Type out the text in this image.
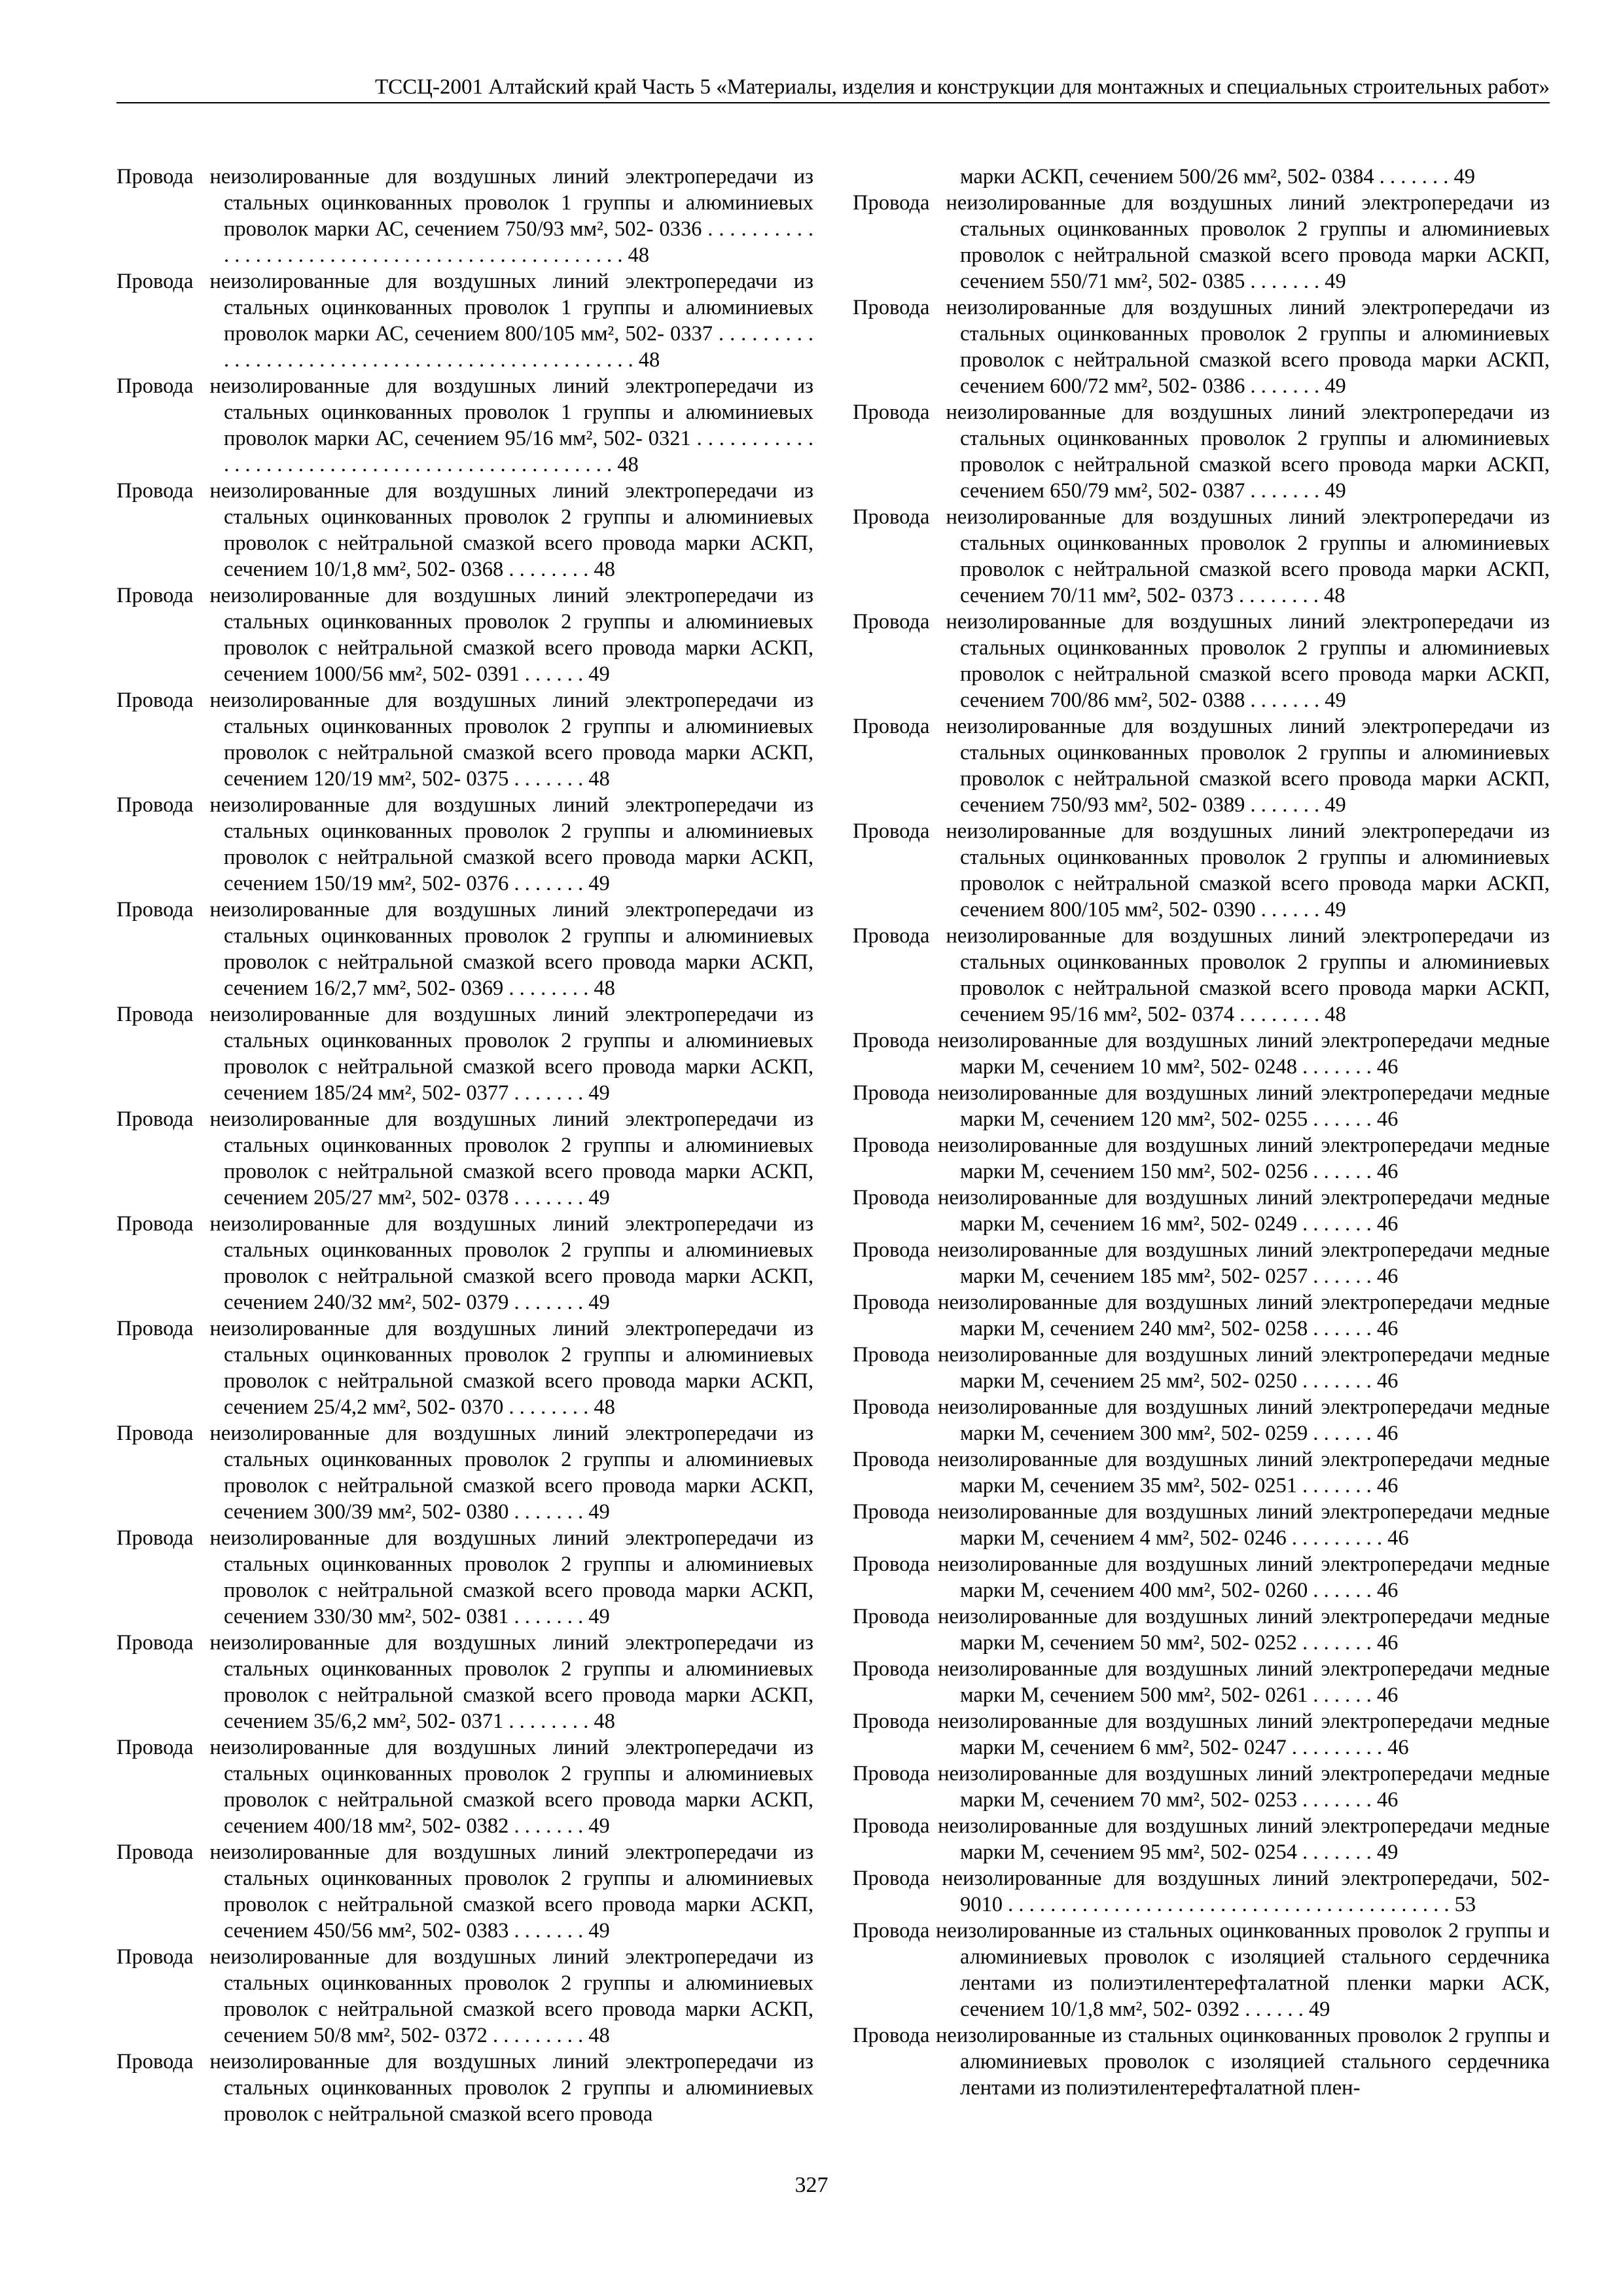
ТССЦ-2001 Алтайский край Часть 5 «Материалы, изделия и конструкции для монтажных и специальных строительных работ»

Провода неизолированные для воздушных линий электропередачи из стальных оцинкованных проволок 1 группы и алюминиевых проволок марки АС, сечением 750/93 мм², 502- 0336 . . . . . . . . . . . . . . . . . . . . . . . . . . . . . . . . . . . . . . . . . . . . . . . . 48

Провода неизолированные для воздушных линий электропередачи из стальных оцинкованных проволок 1 группы и алюминиевых проволок марки АС, сечением 800/105 мм², 502- 0337 . . . . . . . . . . . . . . . . . . . . . . . . . . . . . . . . . . . . . . . . . . . . . . . . 48

Провода неизолированные для воздушных линий электропередачи из стальных оцинкованных проволок 1 группы и алюминиевых проволок марки АС, сечением 95/16 мм², 502- 0321 . . . . . . . . . . . . . . . . . . . . . . . . . . . . . . . . . . . . . . . . . . . . . . . . 48

Провода неизолированные для воздушных линий электропередачи из стальных оцинкованных проволок 2 группы и алюминиевых проволок с нейтральной смазкой всего провода марки АСКП, сечением 10/1,8 мм², 502- 0368 . . . . . . . . 48

Провода неизолированные для воздушных линий электропередачи из стальных оцинкованных проволок 2 группы и алюминиевых проволок с нейтральной смазкой всего провода марки АСКП, сечением 1000/56 мм², 502- 0391 . . . . . . 49

Провода неизолированные для воздушных линий электропередачи из стальных оцинкованных проволок 2 группы и алюминиевых проволок с нейтральной смазкой всего провода марки АСКП, сечением 120/19 мм², 502- 0375 . . . . . . . 48

Провода неизолированные для воздушных линий электропередачи из стальных оцинкованных проволок 2 группы и алюминиевых проволок с нейтральной смазкой всего провода марки АСКП, сечением 150/19 мм², 502- 0376 . . . . . . . 49

Провода неизолированные для воздушных линий электропередачи из стальных оцинкованных проволок 2 группы и алюминиевых проволок с нейтральной смазкой всего провода марки АСКП, сечением 16/2,7 мм², 502- 0369 . . . . . . . . 48

Провода неизолированные для воздушных линий электропередачи из стальных оцинкованных проволок 2 группы и алюминиевых проволок с нейтральной смазкой всего провода марки АСКП, сечением 185/24 мм², 502- 0377 . . . . . . . 49

Провода неизолированные для воздушных линий электропередачи из стальных оцинкованных проволок 2 группы и алюминиевых проволок с нейтральной смазкой всего провода марки АСКП, сечением 205/27 мм², 502- 0378 . . . . . . . 49

Провода неизолированные для воздушных линий электропередачи из стальных оцинкованных проволок 2 группы и алюминиевых проволок с нейтральной смазкой всего провода марки АСКП, сечением 240/32 мм², 502- 0379 . . . . . . . 49

Провода неизолированные для воздушных линий электропередачи из стальных оцинкованных проволок 2 группы и алюминиевых проволок с нейтральной смазкой всего провода марки АСКП, сечением 25/4,2 мм², 502- 0370 . . . . . . . . 48

Провода неизолированные для воздушных линий электропередачи из стальных оцинкованных проволок 2 группы и алюминиевых проволок с нейтральной смазкой всего провода марки АСКП, сечением 300/39 мм², 502- 0380 . . . . . . . 49

Провода неизолированные для воздушных линий электропередачи из стальных оцинкованных проволок 2 группы и алюминиевых проволок с нейтральной смазкой всего провода марки АСКП, сечением 330/30 мм², 502- 0381 . . . . . . . 49

Провода неизолированные для воздушных линий электропередачи из стальных оцинкованных проволок 2 группы и алюминиевых проволок с нейтральной смазкой всего провода марки АСКП, сечением 35/6,2 мм², 502- 0371 . . . . . . . . 48

Провода неизолированные для воздушных линий электропередачи из стальных оцинкованных проволок 2 группы и алюминиевых проволок с нейтральной смазкой всего провода марки АСКП, сечением 400/18 мм², 502- 0382 . . . . . . . 49

Провода неизолированные для воздушных линий электропередачи из стальных оцинкованных проволок 2 группы и алюминиевых проволок с нейтральной смазкой всего провода марки АСКП, сечением 450/56 мм², 502- 0383 . . . . . . . 49

Провода неизолированные для воздушных линий электропередачи из стальных оцинкованных проволок 2 группы и алюминиевых проволок с нейтральной смазкой всего провода марки АСКП, сечением 50/8 мм², 502- 0372 . . . . . . . . . 48

Провода неизолированные для воздушных линий электропередачи из стальных оцинкованных проволок 2 группы и алюминиевых проволок с нейтральной смазкой всего провода

марки АСКП, сечением 500/26 мм², 502- 0384 . . . . . . . 49

Провода неизолированные для воздушных линий электропередачи из стальных оцинкованных проволок 2 группы и алюминиевых проволок с нейтральной смазкой всего провода марки АСКП, сечением 550/71 мм², 502- 0385 . . . . . . . 49

Провода неизолированные для воздушных линий электропередачи из стальных оцинкованных проволок 2 группы и алюминиевых проволок с нейтральной смазкой всего провода марки АСКП, сечением 600/72 мм², 502- 0386 . . . . . . . 49

Провода неизолированные для воздушных линий электропередачи из стальных оцинкованных проволок 2 группы и алюминиевых проволок с нейтральной смазкой всего провода марки АСКП, сечением 650/79 мм², 502- 0387 . . . . . . . 49

Провода неизолированные для воздушных линий электропередачи из стальных оцинкованных проволок 2 группы и алюминиевых проволок с нейтральной смазкой всего провода марки АСКП, сечением 70/11 мм², 502- 0373 . . . . . . . . 48

Провода неизолированные для воздушных линий электропередачи из стальных оцинкованных проволок 2 группы и алюминиевых проволок с нейтральной смазкой всего провода марки АСКП, сечением 700/86 мм², 502- 0388 . . . . . . . 49

Провода неизолированные для воздушных линий электропередачи из стальных оцинкованных проволок 2 группы и алюминиевых проволок с нейтральной смазкой всего провода марки АСКП, сечением 750/93 мм², 502- 0389 . . . . . . . 49

Провода неизолированные для воздушных линий электропередачи из стальных оцинкованных проволок 2 группы и алюминиевых проволок с нейтральной смазкой всего провода марки АСКП, сечением 800/105 мм², 502- 0390 . . . . . . 49

Провода неизолированные для воздушных линий электропередачи из стальных оцинкованных проволок 2 группы и алюминиевых проволок с нейтральной смазкой всего провода марки АСКП, сечением 95/16 мм², 502- 0374 . . . . . . . . 48

Провода неизолированные для воздушных линий электропередачи медные марки М, сечением 10 мм², 502- 0248 . . . . . . . 46

Провода неизолированные для воздушных линий электропередачи медные марки М, сечением 120 мм², 502- 0255 . . . . . . 46

Провода неизолированные для воздушных линий электропередачи медные марки М, сечением 150 мм², 502- 0256 . . . . . . 46

Провода неизолированные для воздушных линий электропередачи медные марки М, сечением 16 мм², 502- 0249 . . . . . . . 46

Провода неизолированные для воздушных линий электропередачи медные марки М, сечением 185 мм², 502- 0257 . . . . . . 46

Провода неизолированные для воздушных линий электропередачи медные марки М, сечением 240 мм², 502- 0258 . . . . . . 46

Провода неизолированные для воздушных линий электропередачи медные марки М, сечением 25 мм², 502- 0250 . . . . . . . 46

Провода неизолированные для воздушных линий электропередачи медные марки М, сечением 300 мм², 502- 0259 . . . . . . 46

Провода неизолированные для воздушных линий электропередачи медные марки М, сечением 35 мм², 502- 0251 . . . . . . . 46

Провода неизолированные для воздушных линий электропередачи медные марки М, сечением 4 мм², 502- 0246 . . . . . . . . . 46

Провода неизолированные для воздушных линий электропередачи медные марки М, сечением 400 мм², 502- 0260 . . . . . . 46

Провода неизолированные для воздушных линий электропередачи медные марки М, сечением 50 мм², 502- 0252 . . . . . . . 46

Провода неизолированные для воздушных линий электропередачи медные марки М, сечением 500 мм², 502- 0261 . . . . . . 46

Провода неизолированные для воздушных линий электропередачи медные марки М, сечением 6 мм², 502- 0247 . . . . . . . . . 46

Провода неизолированные для воздушных линий электропередачи медные марки М, сечением 70 мм², 502- 0253 . . . . . . . 46

Провода неизолированные для воздушных линий электропередачи медные марки М, сечением 95 мм², 502- 0254 . . . . . . . 49

Провода неизолированные для воздушных линий электропередачи, 502- 9010 . . . . . . . . . . . . . . . . . . . . . . . . . . . . . . . . . . . . . . . . . . 53

Провода неизолированные из стальных оцинкованных проволок 2 группы и алюминиевых проволок с изоляцией стального сердечника лентами из полиэтилентерефталатной пленки марки АСК, сечением 10/1,8 мм², 502- 0392 . . . . . . 49

Провода неизолированные из стальных оцинкованных проволок 2 группы и алюминиевых проволок с изоляцией стального сердечника лентами из полиэтилентерефталатной плен-

327
